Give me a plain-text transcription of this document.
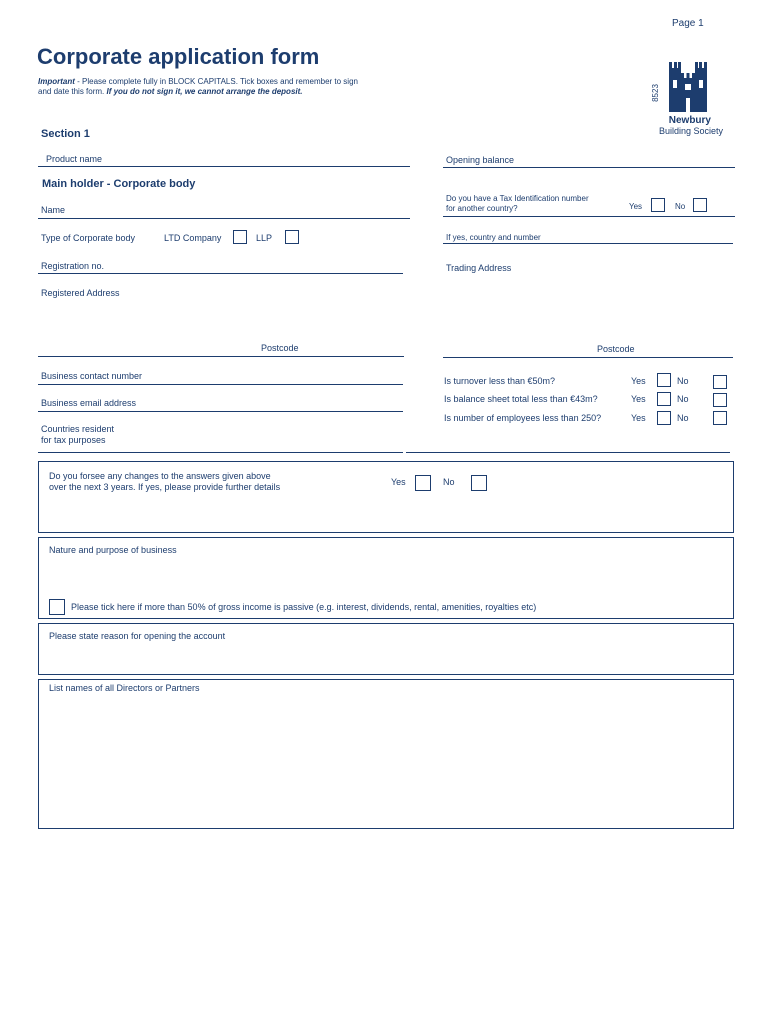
Page 1
Corporate application form
Important - Please complete fully in BLOCK CAPITALS. Tick boxes and remember to sign and date this form. If you do not sign it, we cannot arrange the deposit.	8523
Newbury
Building Society
Section 1
Product name
Main holder - Corporate body
Name
Type of Corporate body	LTD Company	LLP
Registration no.
Registered Address
Postcode
Business contact number
Business email address
Countries resident
for tax purposes
Opening balance
Do you have a Tax Identification number
for another country?	Yes	No
If yes, country and number
Trading Address
Postcode
Is turnover less than €50m?	Yes	No
Is balance sheet total less than €43m?	Yes	No
Is number of employees less than 250?	Yes	No
Do you forsee any changes to the answers given above
over the next 3 years. If yes, please provide further details	Yes	No
Nature and purpose of business
Please tick here if more than 50% of gross income is passive (e.g. interest, dividends, rental, amenities, royalties etc)
Please state reason for opening the account
List names of all Directors or Partners
